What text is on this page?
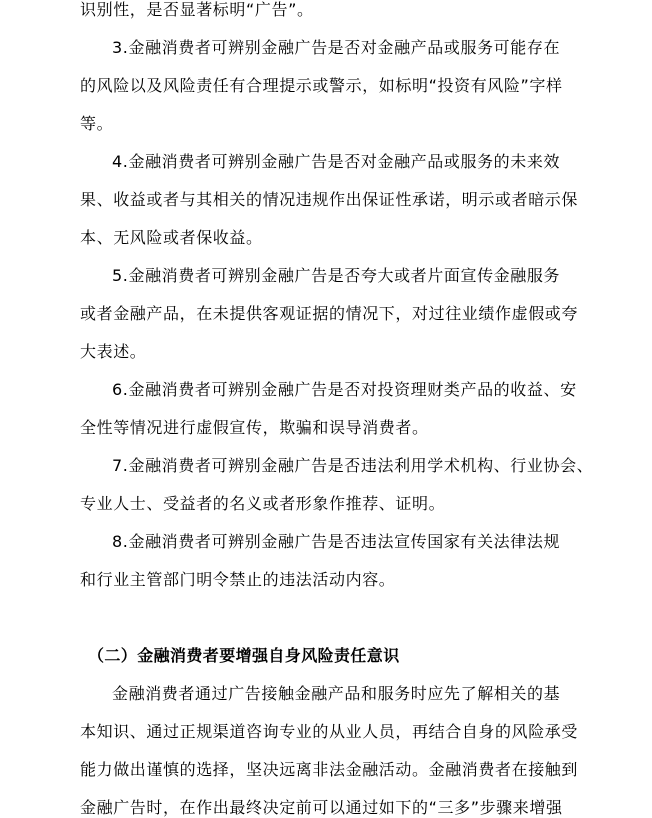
识别性，是否显著标明“广告”。
3.金融消费者可辨别金融广告是否对金融产品或服务可能存在
的风险以及风险责任有合理提示或警示，如标明“投资有风险”字样
等。
4.金融消费者可辨别金融广告是否对金融产品或服务的未来效
果、收益或者与其相关的情况违规作出保证性承诺，明示或者暗示保
本、无风险或者保收益。
5.金融消费者可辨别金融广告是否夸大或者片面宣传金融服务
或者金融产品，在未提供客观证据的情况下，对过往业绩作虚假或夸
大表述。
6.金融消费者可辨别金融广告是否对投资理财类产品的收益、安
全性等情况进行虚假宣传，欺骗和误导消费者。
7.金融消费者可辨别金融广告是否违法利用学术机构、行业协会、
专业人士、受益者的名义或者形象作推荐、证明。
8.金融消费者可辨别金融广告是否违法宣传国家有关法律法规
和行业主管部门明令禁止的违法活动内容。
（二）金融消费者要增强自身风险责任意识
金融消费者通过广告接触金融产品和服务时应先了解相关的基
本知识、通过正规渠道咨询专业的从业人员，再结合自身的风险承受
能力做出谨慎的选择，坚决远离非法金融活动。金融消费者在接触到
金融广告时，在作出最终决定前可以通过如下的“三多”步骤来增强
